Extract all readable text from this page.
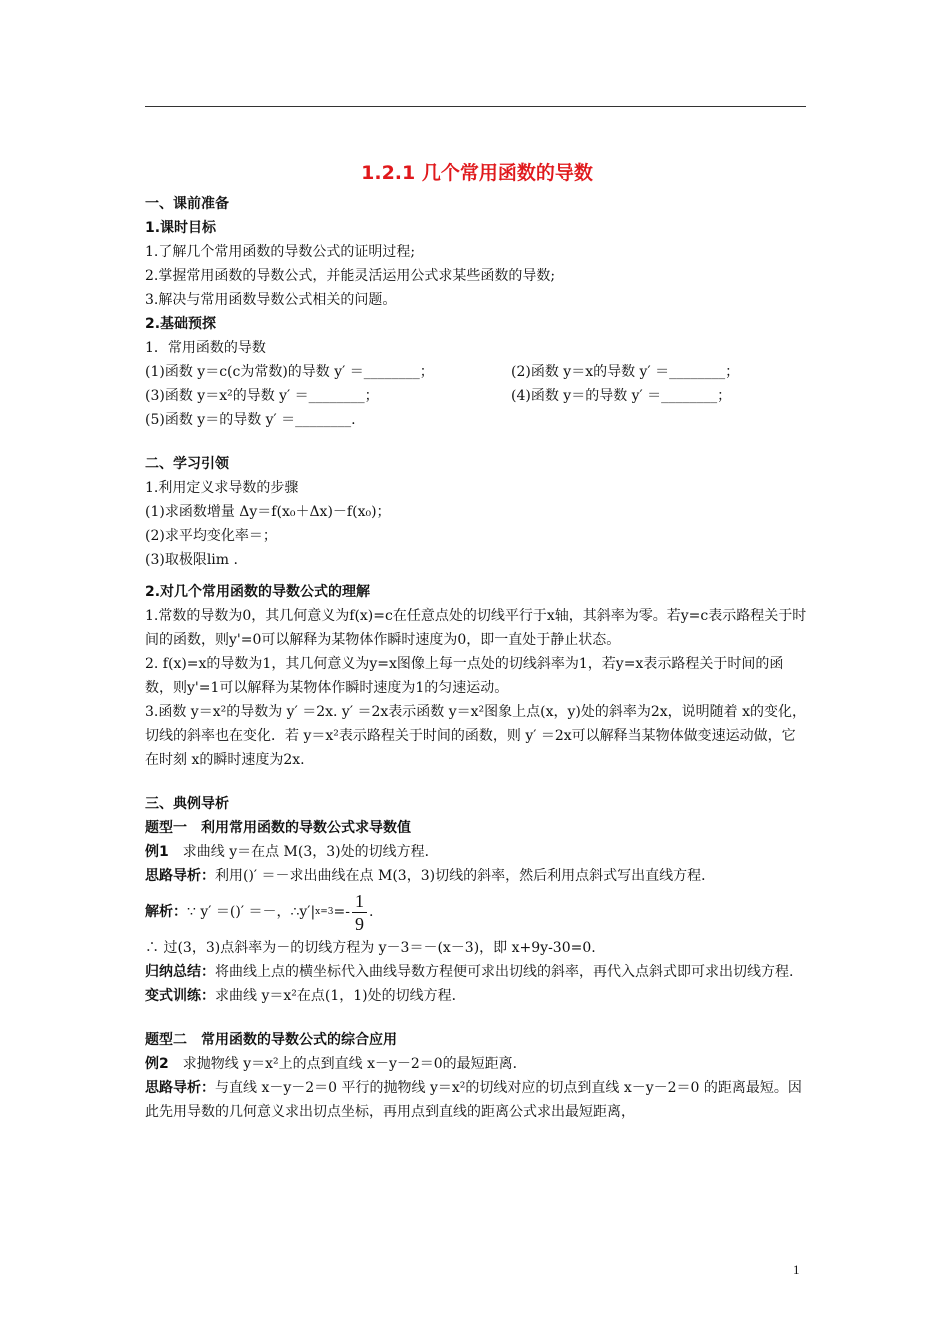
1.2.1 几个常用函数的导数
一、课前准备
1.课时目标
1.了解几个常用函数的导数公式的证明过程;
2.掌握常用函数的导数公式，并能灵活运用公式求某些函数的导数;
3.解决与常用函数导数公式相关的问题。
2.基础预探
1．常用函数的导数
(1)函数 y＝c(c为常数)的导数 y′ ＝________；	(2)函数 y＝x的导数 y′ ＝________；
(3)函数 y＝x²的导数 y′ ＝________；	(4)函数 y＝的导数 y′ ＝________；
(5)函数 y＝的导数 y′ ＝________.
二、学习引领
1.利用定义求导数的步骤
(1)求函数增量 Δy＝f(x₀＋Δx)－f(x₀)；
(2)求平均变化率＝；
(3)取极限lim .
2.对几个常用函数的导数公式的理解
1.常数的导数为0，其几何意义为f(x)=c在任意点处的切线平行于x轴，其斜率为零。若y=c表示路程关于时间的函数，则y'=0可以解释为某物体作瞬时速度为0，即一直处于静止状态。
2. f(x)=x的导数为1，其几何意义为y=x图像上每一点处的切线斜率为1，若y=x表示路程关于时间的函数，则y'=1可以解释为某物体作瞬时速度为1的匀速运动。
3.函数 y＝x²的导数为 y′ ＝2x. y′ ＝2x表示函数 y＝x²图象上点(x，y)处的斜率为2x，说明随着 x的变化，切线的斜率也在变化．若 y＝x²表示路程关于时间的函数，则 y′ ＝2x可以解释当某物体做变速运动做，它在时刻 x的瞬时速度为2x.
三、典例导析
题型一　利用常用函数的导数公式求导数值
例1　求曲线 y＝在点 M(3，3)处的切线方程．
思路导析：利用()′ ＝－求出曲线在点 M(3，3)切线的斜率，然后利用点斜式写出直线方程．
解析： ∵ y′ ＝()′ ＝－，∴ y′| $x=3 =- \frac{1}{9}$ .
∴ 过(3，3)点斜率为－的切线方程为 y－3＝－(x－3)，即 x+9y-30=0.
归纳总结：将曲线上点的横坐标代入曲线导数方程便可求出切线的斜率，再代入点斜式即可求出切线方程.
变式训练：求曲线 y＝x²在点(1，1)处的切线方程．
题型二　常用函数的导数公式的综合应用
例2　求抛物线 y＝x²上的点到直线 x－y－2＝0的最短距离．
思路导析：与直线 x－y－2＝0 平行的抛物线 y＝x²的切线对应的切点到直线 x－y－2＝0 的距离最短。因此先用导数的几何意义求出切点坐标，再用点到直线的距离公式求出最短距离，
1
